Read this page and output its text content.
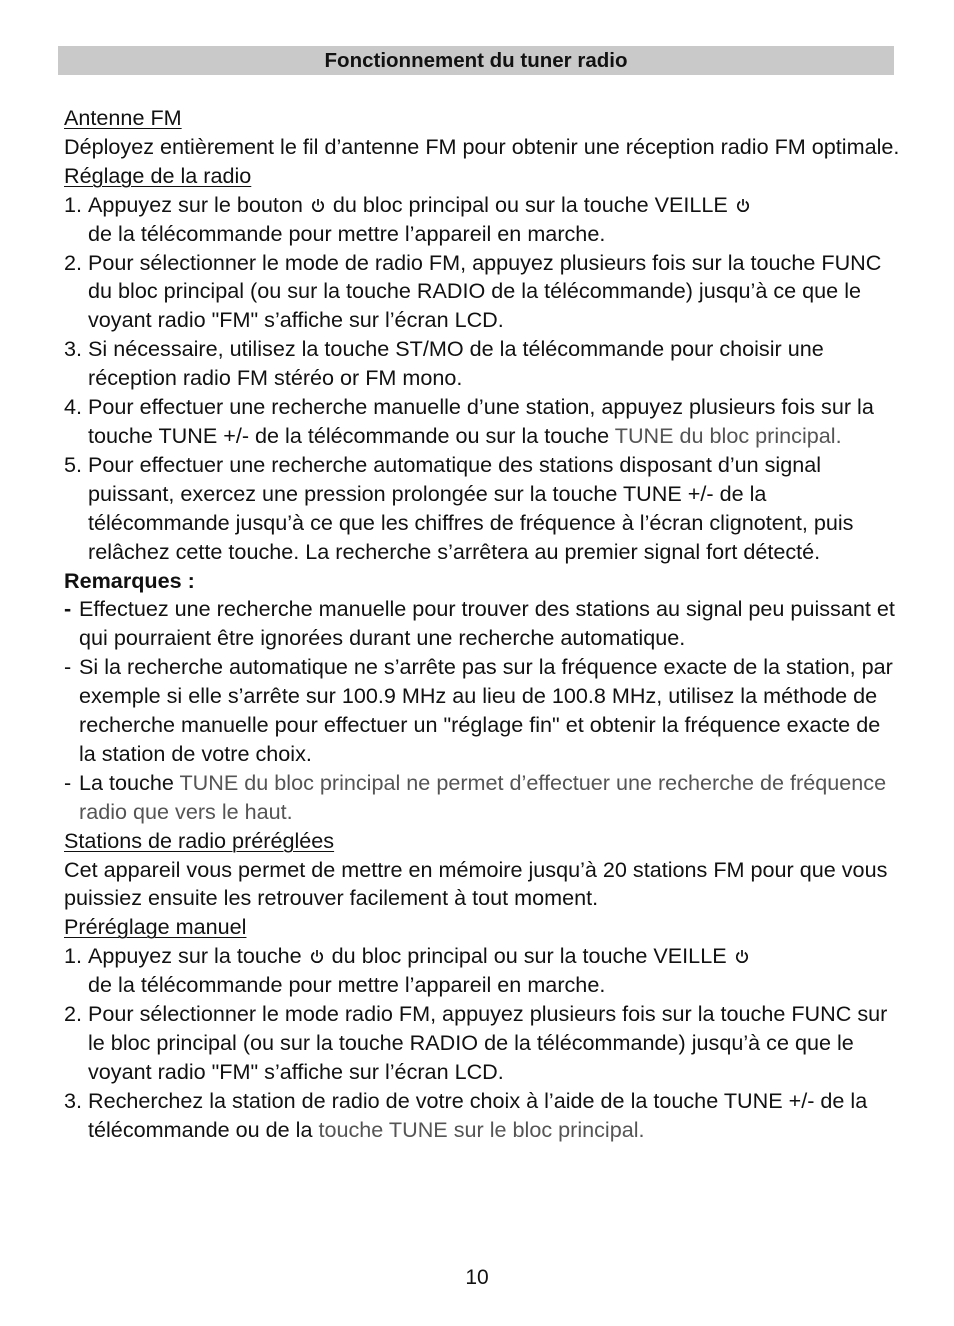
Fonctionnement du tuner radio

Antenne FM

Déployez entièrement le fil d’antenne FM pour obtenir une réception radio FM optimale.

Réglage de la radio

1. Appuyez sur le bouton du bloc principal ou sur la touche VEILLE
de la télécommande pour mettre l’appareil en marche.

2. Pour sélectionner le mode de radio FM, appuyez plusieurs fois sur la touche FUNC du bloc principal (ou sur la touche RADIO de la télécommande) jusqu’à ce que le voyant radio "FM" s’affiche sur l’écran LCD.

3. Si nécessaire, utilisez la touche ST/MO de la télécommande pour choisir une réception radio FM stéréo or FM mono.

4. Pour effectuer une recherche manuelle d’une station, appuyez plusieurs fois sur la touche TUNE +/- de la télécommande ou sur la touche TUNE du bloc principal.

5. Pour effectuer une recherche automatique des stations disposant d’un signal puissant, exercez une pression prolongée sur la touche TUNE +/- de la télécommande jusqu’à ce que les chiffres de fréquence à l’écran clignotent, puis relâchez cette touche. La recherche s’arrêtera au premier signal fort détecté.

Remarques :

- Effectuez une recherche manuelle pour trouver des stations au signal peu puissant et qui pourraient être ignorées durant une recherche automatique.

- Si la recherche automatique ne s’arrête pas sur la fréquence exacte de la station, par exemple si elle s’arrête sur 100.9 MHz au lieu de 100.8 MHz, utilisez la méthode de recherche manuelle pour effectuer un "réglage fin" et obtenir la fréquence exacte de la station de votre choix.

- La touche TUNE du bloc principal ne permet d’effectuer une recherche de fréquence radio que vers le haut.

Stations de radio préréglées

Cet appareil vous permet de mettre en mémoire jusqu’à 20 stations FM pour que vous puissiez ensuite les retrouver facilement à tout moment.

Préréglage manuel

1. Appuyez sur la touche du bloc principal ou sur la touche VEILLE
de la télécommande pour mettre l’appareil en marche.

2. Pour sélectionner le mode radio FM, appuyez plusieurs fois sur la touche FUNC sur le bloc principal (ou sur la touche RADIO de la télécommande) jusqu’à ce que le voyant radio "FM" s’affiche sur l’écran LCD.

3. Recherchez la station de radio de votre choix à l’aide de la touche TUNE +/- de la télécommande ou de la touche TUNE sur le bloc principal.

10
